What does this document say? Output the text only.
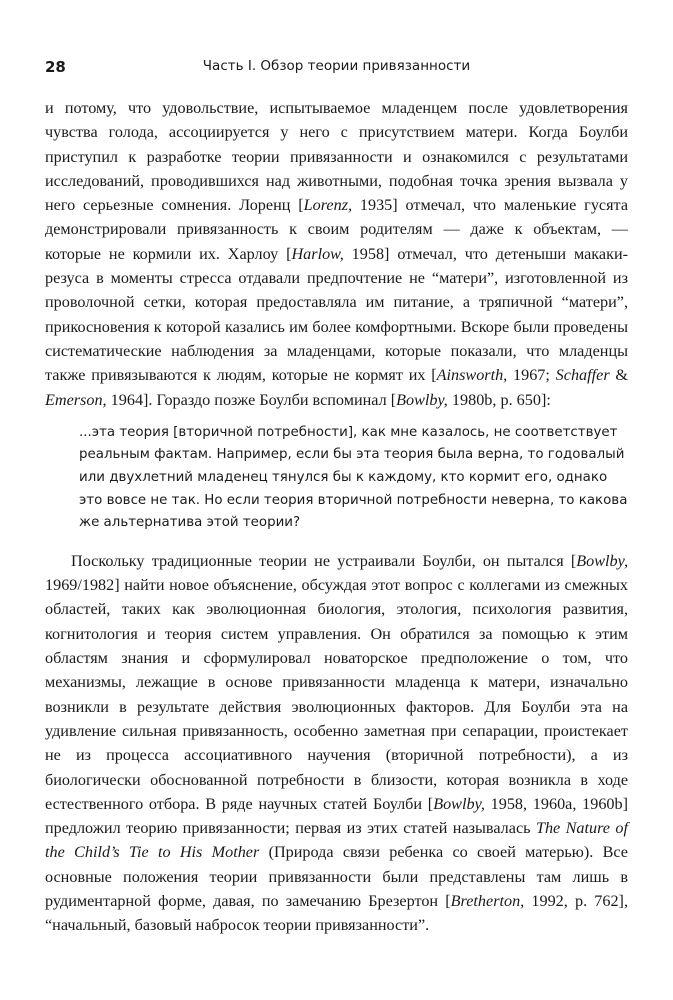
28	Часть I. Обзор теории привязанности

и потому, что удовольствие, испытываемое младенцем после удовлетворения чувства голода, ассоциируется у него с присутствием матери. Когда Боулби приступил к разработке теории привязанности и ознакомился с результатами исследований, проводившихся над животными, подобная точка зрения вызвала у него серьезные сомнения. Лоренц [Lorenz, 1935] отмечал, что маленькие гусята демонстрировали привязанность к своим родителям — даже к объектам, — которые не кормили их. Харлоу [Harlow, 1958] отмечал, что детеныши макаки-резуса в моменты стресса отдавали предпочтение не “матери”, изготовленной из проволочной сетки, которая предоставляла им питание, а тряпичной “матери”, прикосновения к которой казались им более комфортными. Вскоре были проведены систематические наблюдения за младенцами, которые показали, что младенцы также привязываются к людям, которые не кормят их [Ainsworth, 1967; Schaffer & Emerson, 1964]. Гораздо позже Боулби вспоминал [Bowlby, 1980b, p. 650]:

...эта теория [вторичной потребности], как мне казалось, не соответствует реальным фактам. Например, если бы эта теория была верна, то годовалый или двухлетний младенец тянулся бы к каждому, кто кормит его, однако это вовсе не так. Но если теория вторичной потребности неверна, то какова же альтернатива этой теории?

Поскольку традиционные теории не устраивали Боулби, он пытался [Bowlby, 1969/1982] найти новое объяснение, обсуждая этот вопрос с коллегами из смежных областей, таких как эволюционная биология, этология, психология развития, когнитология и теория систем управления. Он обратился за помощью к этим областям знания и сформулировал новаторское предположение о том, что механизмы, лежащие в основе привязанности младенца к матери, изначально возникли в результате действия эволюционных факторов. Для Боулби эта на удивление сильная привязанность, особенно заметная при сепарации, проистекает не из процесса ассоциативного научения (вторичной потребности), а из биологически обоснованной потребности в близости, которая возникла в ходе естественного отбора. В ряде научных статей Боулби [Bowlby, 1958, 1960a, 1960b] предложил теорию привязанности; первая из этих статей называлась The Nature of the Child’s Tie to His Mother (Природа связи ребенка со своей матерью). Все основные положения теории привязанности были представлены там лишь в рудиментарной форме, давая, по замечанию Брезертон [Bretherton, 1992, p. 762], “начальный, базовый набросок теории привязанности”.
